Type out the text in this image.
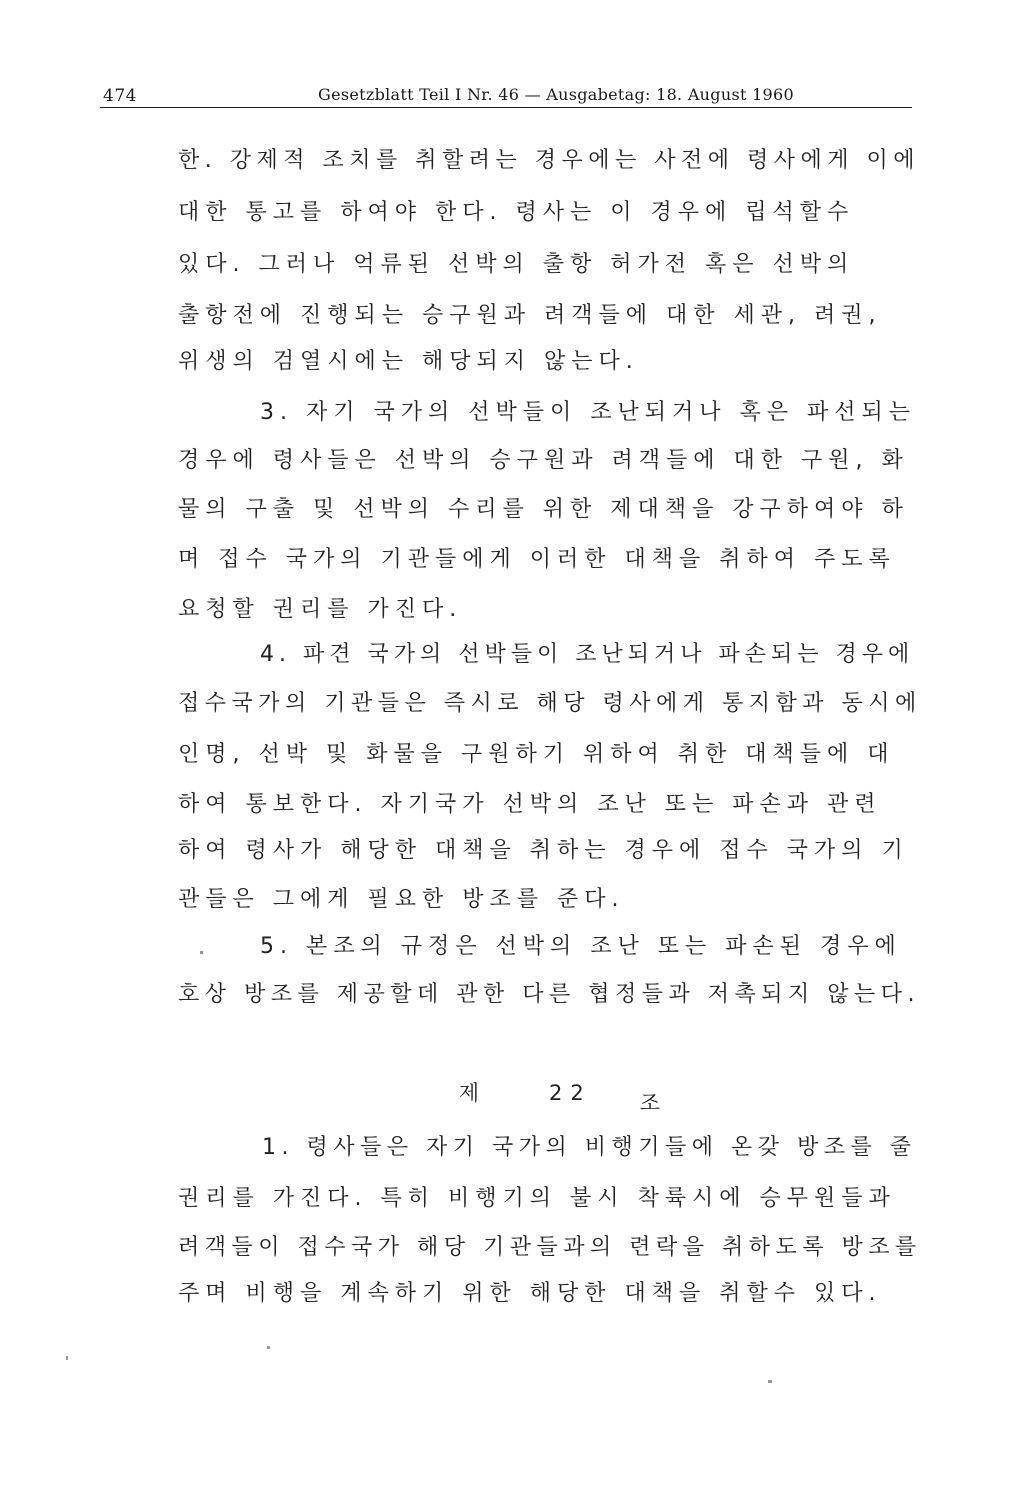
474	Gesetzblatt Teil I Nr. 46 — Ausgabetag: 18. August 1960
한. 강제적 조치를 취할려는 경우에는 사전에 령사에게 이에
대한 통고를 하여야 한다. 령사는 이 경우에 립석할수
있다. 그러나 억류된 선박의 출항 허가전 혹은 선박의
출항전에 진행되는 승구원과 려객들에 대한 세관, 려권,
위생의 검열시에는 해당되지 않는다.
3. 자기 국가의 선박들이 조난되거나 혹은 파선되는
경우에 령사들은 선박의 승구원과 려객들에 대한 구원, 화
물의 구출 및 선박의 수리를 위한 제대책을 강구하여야 하
며 접수 국가의 기관들에게 이러한 대책을 취하여 주도록
요청할 권리를 가진다.
4. 파견 국가의 선박들이 조난되거나 파손되는 경우에
접수국가의 기관들은 즉시로 해당 령사에게 통지함과 동시에
인명, 선박 및 화물을 구원하기 위하여 취한 대책들에 대
하여 통보한다. 자기국가 선박의 조난 또는 파손과 관련
하여 령사가 해당한 대책을 취하는 경우에 접수 국가의 기
관들은 그에게 필요한 방조를 준다.
5. 본조의 규정은 선박의 조난 또는 파손된 경우에
호상 방조를 제공할데 관한 다른 협정들과 저촉되지 않는다.

제	22 조

1. 령사들은 자기 국가의 비행기들에 온갖 방조를 줄
권리를 가진다. 특히 비행기의 불시 착륙시에 승무원들과
려객들이 접수국가 해당 기관들과의 련락을 취하도록 방조를
주며 비행을 계속하기 위한 해당한 대책을 취할수 있다.
